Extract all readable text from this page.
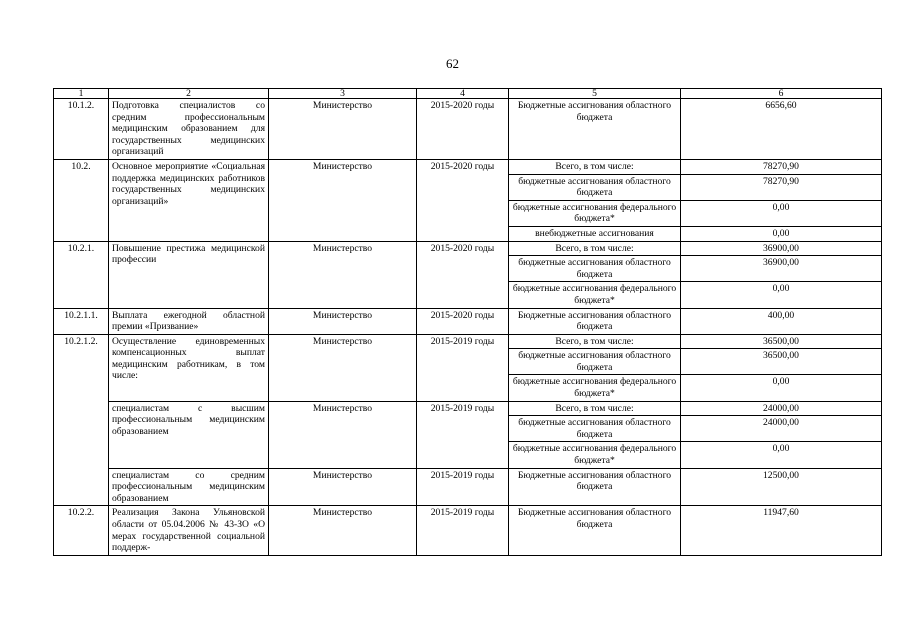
62
1	2	3	4	5	6
10.1.2.	Подготовка специалистов со средним профессиональным медицинским образованием для государственных медицинских организаций	Министерство	2015-2020 годы	Бюджетные ассигнования областного бюджета	6656,60
10.2.	Основное мероприятие «Социальная поддержка медицинских работников государственных медицинских организаций»	Министерство	2015-2020 годы	Всего, в том числе:	78270,90
				бюджетные ассигнования областного бюджета	78270,90
				бюджетные ассигнования федерального бюджета*	0,00
				внебюджетные ассигнования	0,00
10.2.1.	Повышение престижа медицинской профессии	Министерство	2015-2020 годы	Всего, в том числе:	36900,00
				бюджетные ассигнования областного бюджета	36900,00
				бюджетные ассигнования федерального бюджета*	0,00
10.2.1.1.	Выплата ежегодной областной премии «Призвание»	Министерство	2015-2020 годы	Бюджетные ассигнования областного бюджета	400,00
10.2.1.2.	Осуществление единовременных компенсационных выплат медицинским работникам, в том числе:	Министерство	2015-2019 годы	Всего, в том числе:	36500,00
				бюджетные ассигнования областного бюджета	36500,00
				бюджетные ассигнования федерального бюджета*	0,00
	специалистам с высшим профессиональным медицинским образованием	Министерство	2015-2019 годы	Всего, в том числе:	24000,00
				бюджетные ассигнования областного бюджета	24000,00
				бюджетные ассигнования федерального бюджета*	0,00
	специалистам со средним профессиональным медицинским образованием	Министерство	2015-2019 годы	Бюджетные ассигнования областного бюджета	12500,00
10.2.2.	Реализация Закона Ульяновской области от 05.04.2006 № 43-ЗО «О мерах государственной социальной поддерж-	Министерство	2015-2019 годы	Бюджетные ассигнования областного бюджета	11947,60
